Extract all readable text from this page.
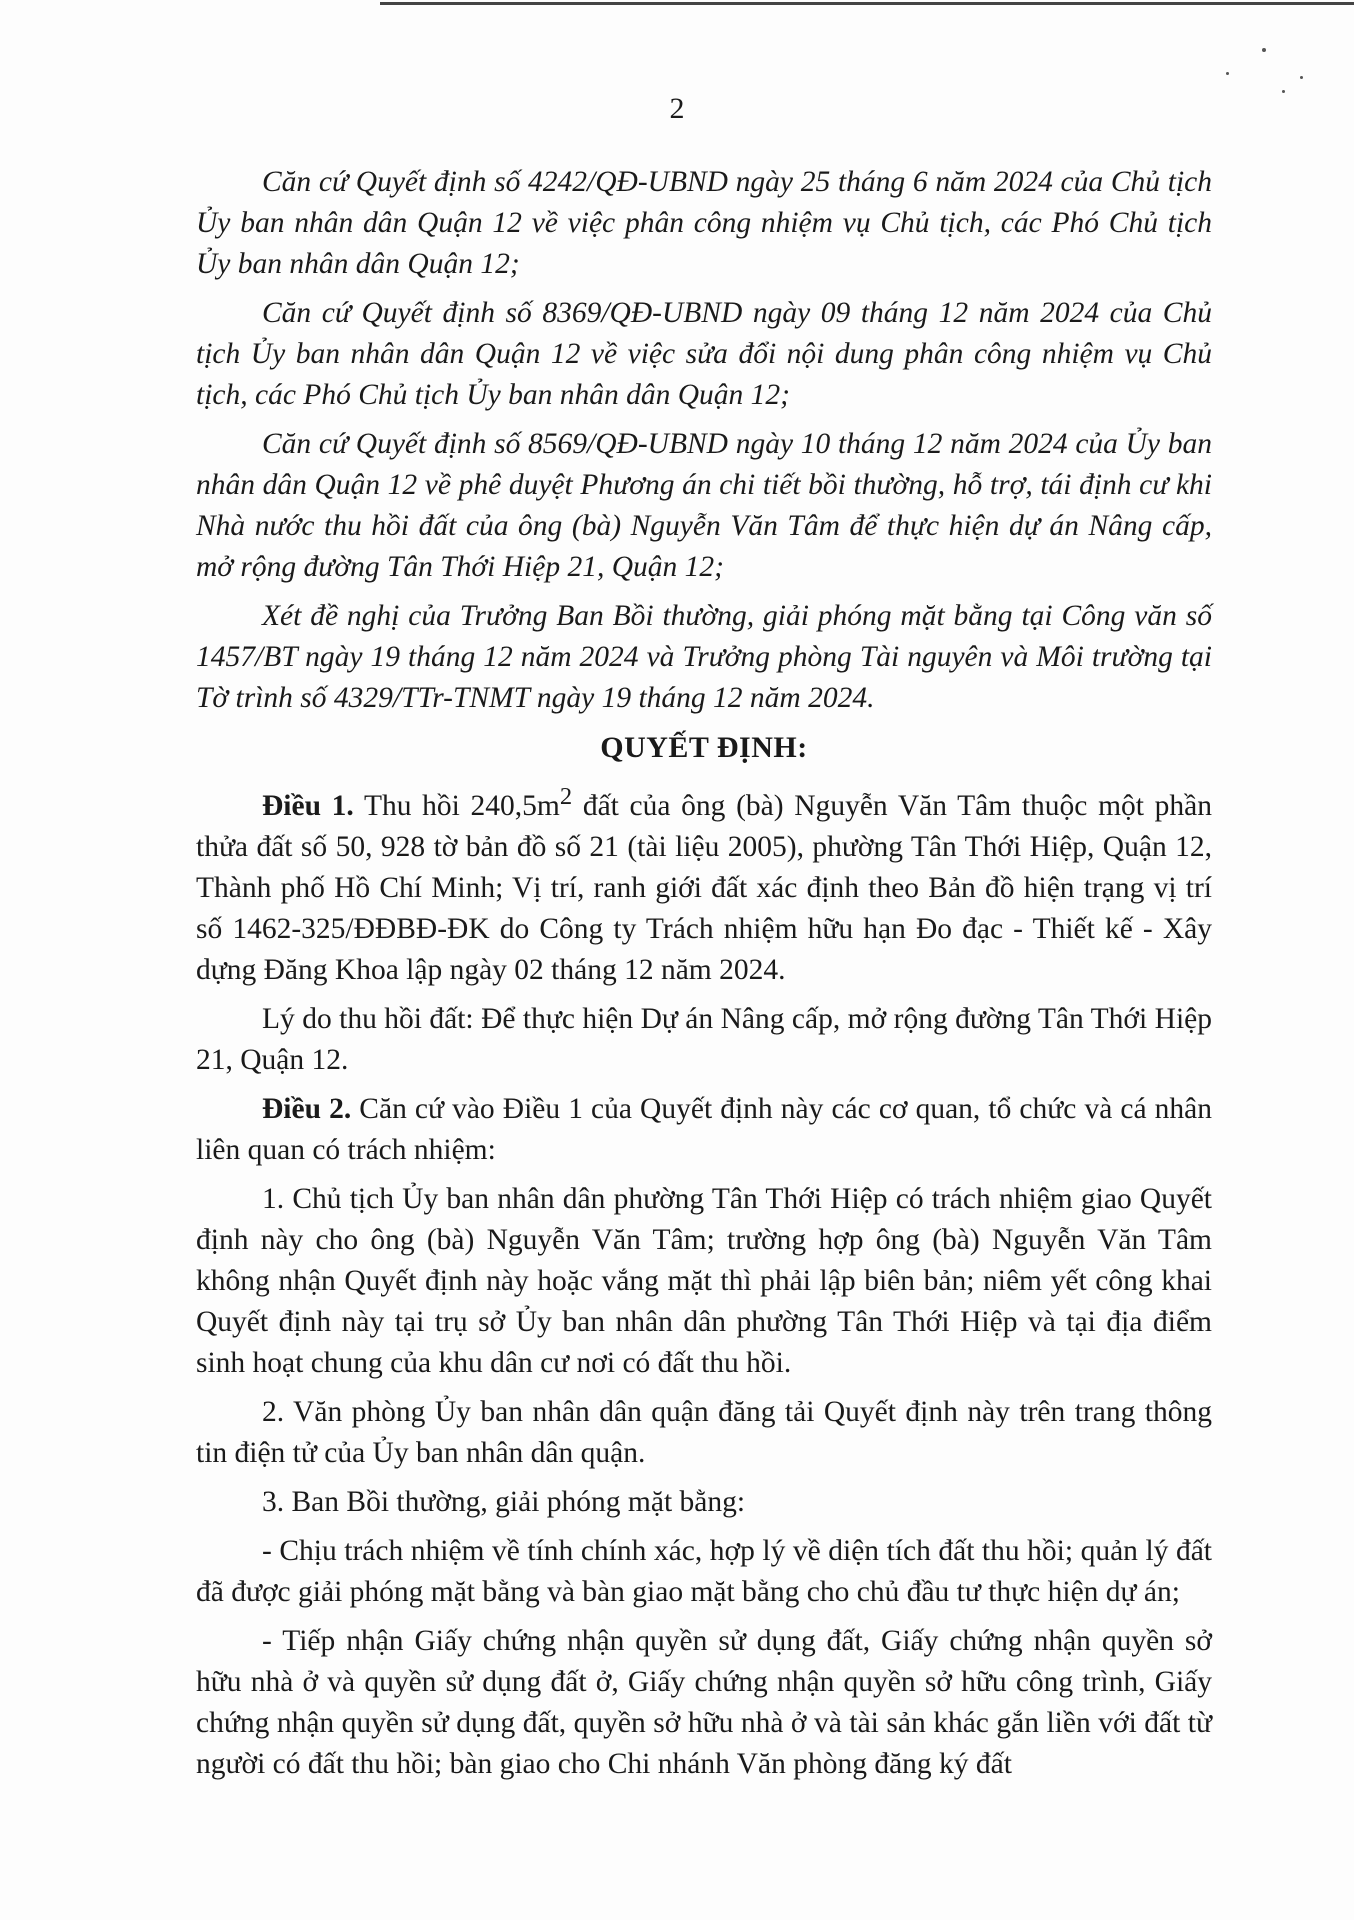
2

Căn cứ Quyết định số 4242/QĐ-UBND ngày 25 tháng 6 năm 2024 của Chủ tịch Ủy ban nhân dân Quận 12 về việc phân công nhiệm vụ Chủ tịch, các Phó Chủ tịch Ủy ban nhân dân Quận 12;

Căn cứ Quyết định số 8369/QĐ-UBND ngày 09 tháng 12 năm 2024 của Chủ tịch Ủy ban nhân dân Quận 12 về việc sửa đổi nội dung phân công nhiệm vụ Chủ tịch, các Phó Chủ tịch Ủy ban nhân dân Quận 12;

Căn cứ Quyết định số 8569/QĐ-UBND ngày 10 tháng 12 năm 2024 của Ủy ban nhân dân Quận 12 về phê duyệt Phương án chi tiết bồi thường, hỗ trợ, tái định cư khi Nhà nước thu hồi đất của ông (bà) Nguyễn Văn Tâm để thực hiện dự án Nâng cấp, mở rộng đường Tân Thới Hiệp 21, Quận 12;

Xét đề nghị của Trưởng Ban Bồi thường, giải phóng mặt bằng tại Công văn số 1457/BT ngày 19 tháng 12 năm 2024 và Trưởng phòng Tài nguyên và Môi trường tại Tờ trình số 4329/TTr-TNMT ngày 19 tháng 12 năm 2024.

QUYẾT ĐỊNH:

Điều 1. Thu hồi $240,5m^2$ đất của ông (bà) Nguyễn Văn Tâm thuộc một phần thửa đất số 50, 928 tờ bản đồ số 21 (tài liệu 2005), phường Tân Thới Hiệp, Quận 12, Thành phố Hồ Chí Minh; Vị trí, ranh giới đất xác định theo Bản đồ hiện trạng vị trí số 1462-325/ĐĐBĐ-ĐK do Công ty Trách nhiệm hữu hạn Đo đạc - Thiết kế - Xây dựng Đăng Khoa lập ngày 02 tháng 12 năm 2024.

Lý do thu hồi đất: Để thực hiện Dự án Nâng cấp, mở rộng đường Tân Thới Hiệp 21, Quận 12.

Điều 2. Căn cứ vào Điều 1 của Quyết định này các cơ quan, tổ chức và cá nhân liên quan có trách nhiệm:

1. Chủ tịch Ủy ban nhân dân phường Tân Thới Hiệp có trách nhiệm giao Quyết định này cho ông (bà) Nguyễn Văn Tâm; trường hợp ông (bà) Nguyễn Văn Tâm không nhận Quyết định này hoặc vắng mặt thì phải lập biên bản; niêm yết công khai Quyết định này tại trụ sở Ủy ban nhân dân phường Tân Thới Hiệp và tại địa điểm sinh hoạt chung của khu dân cư nơi có đất thu hồi.

2. Văn phòng Ủy ban nhân dân quận đăng tải Quyết định này trên trang thông tin điện tử của Ủy ban nhân dân quận.

3. Ban Bồi thường, giải phóng mặt bằng:

- Chịu trách nhiệm về tính chính xác, hợp lý về diện tích đất thu hồi; quản lý đất đã được giải phóng mặt bằng và bàn giao mặt bằng cho chủ đầu tư thực hiện dự án;

- Tiếp nhận Giấy chứng nhận quyền sử dụng đất, Giấy chứng nhận quyền sở hữu nhà ở và quyền sử dụng đất ở, Giấy chứng nhận quyền sở hữu công trình, Giấy chứng nhận quyền sử dụng đất, quyền sở hữu nhà ở và tài sản khác gắn liền với đất từ người có đất thu hồi; bàn giao cho Chi nhánh Văn phòng đăng ký đất
